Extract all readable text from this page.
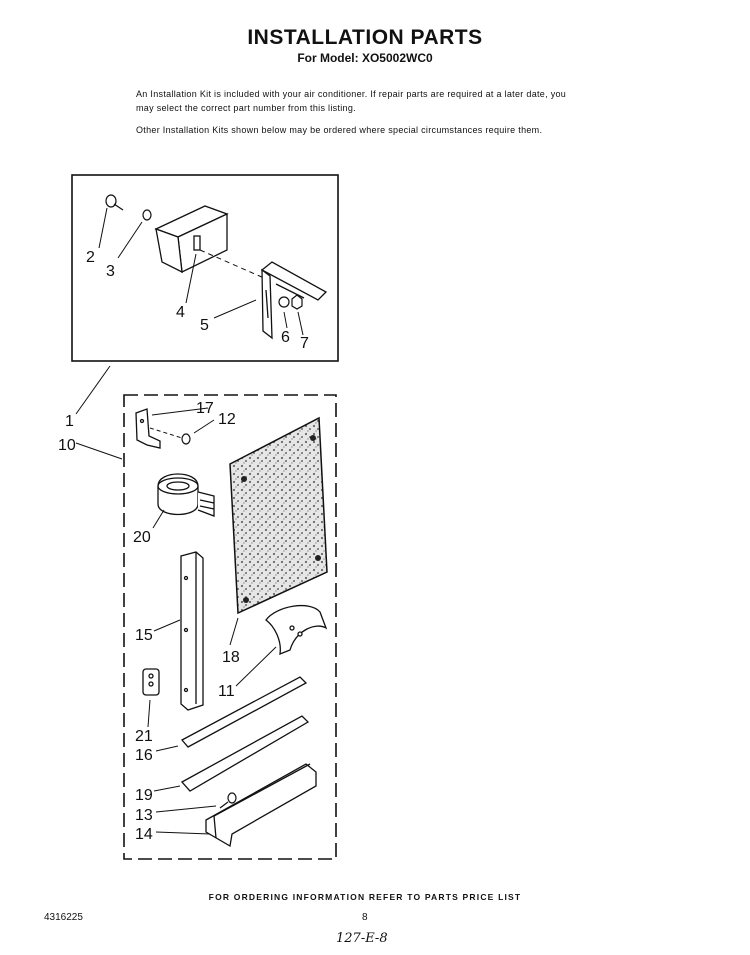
INSTALLATION PARTS
For Model: XO5002WC0
An Installation Kit is included with your air conditioner. If repair parts are required at a later date, you may select the correct part number from this listing.
Other Installation Kits shown below may be ordered where special circumstances require them.
2
3
4
5
6 7
1
10
17
12
20
15
18
11
21
16
19
13
14
FOR ORDERING INFORMATION REFER TO PARTS PRICE LIST
4316225	8
127-E-8
